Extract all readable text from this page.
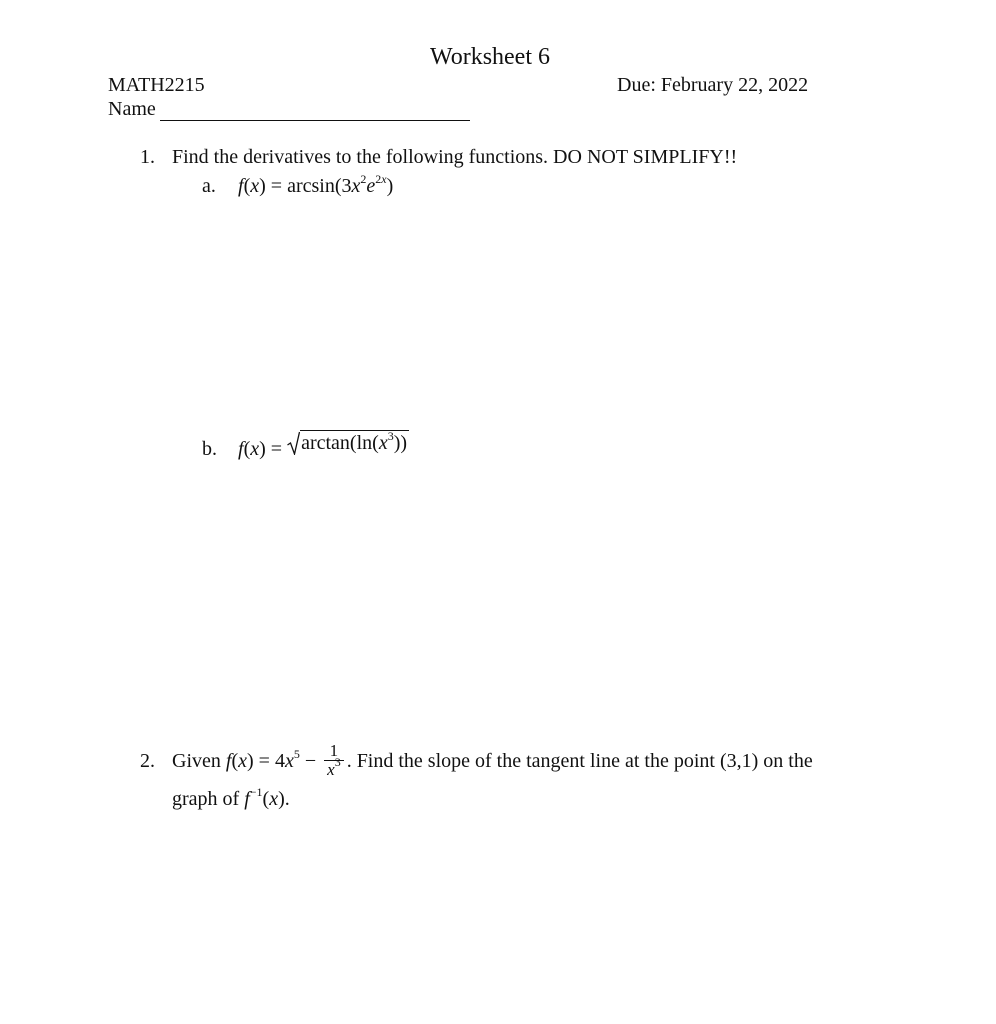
Worksheet 6
MATH2215	Due: February 22, 2022
Name
1. Find the derivatives to the following functions. DO NOT SIMPLIFY!!
a. $f(x) = \arcsin(3x^2e^{2x})$
b. $f(x) = \arctan(\ln(x^3))$
2. Given $f(x) = 4x^5 - \frac{1}{x^3}$ . Find the slope of the tangent line at the point (3,1) on the
graph of $f^{-1}(x)$.
